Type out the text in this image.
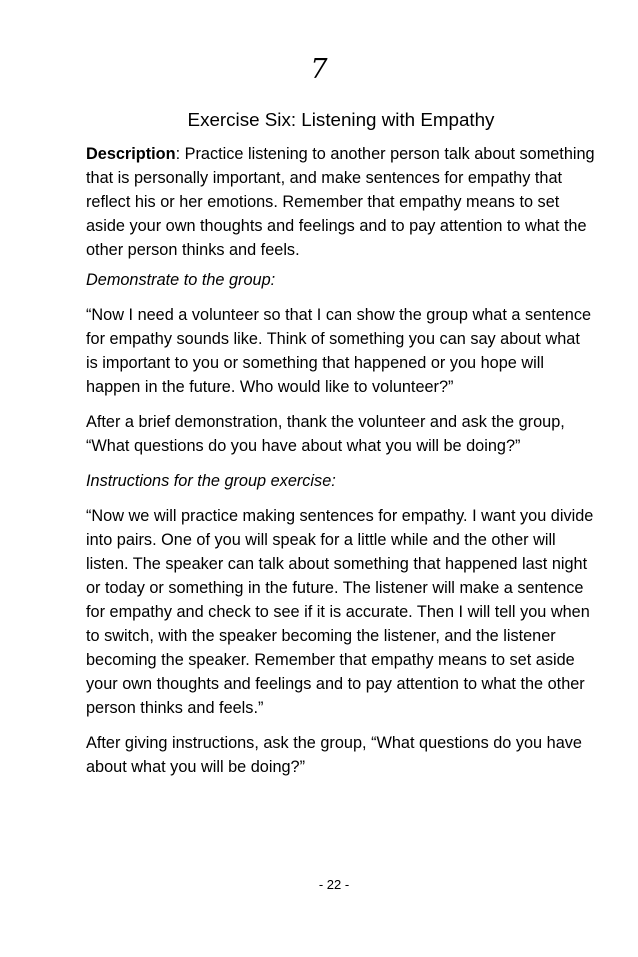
7
Exercise Six: Listening with Empathy

Description: Practice listening to another person talk about something that is personally important, and make sentences for empathy that reflect his or her emotions. Remember that empathy means to set aside your own thoughts and feelings and to pay attention to what the other person thinks and feels.

Demonstrate to the group:

“Now I need a volunteer so that I can show the group what a sentence for empathy sounds like. Think of something you can say about what is important to you or something that happened or you hope will happen in the future. Who would like to volunteer?”

After a brief demonstration, thank the volunteer and ask the group, “What questions do you have about what you will be doing?”

Instructions for the group exercise:

“Now we will practice making sentences for empathy. I want you divide into pairs. One of you will speak for a little while and the other will listen. The speaker can talk about something that happened last night or today or something in the future. The listener will make a sentence for empathy and check to see if it is accurate. Then I will tell you when to switch, with the speaker becoming the listener, and the listener becoming the speaker. Remember that empathy means to set aside your own thoughts and feelings and to pay attention to what the other person thinks and feels.”

After giving instructions, ask the group, “What questions do you have about what you will be doing?”

- 22 -
